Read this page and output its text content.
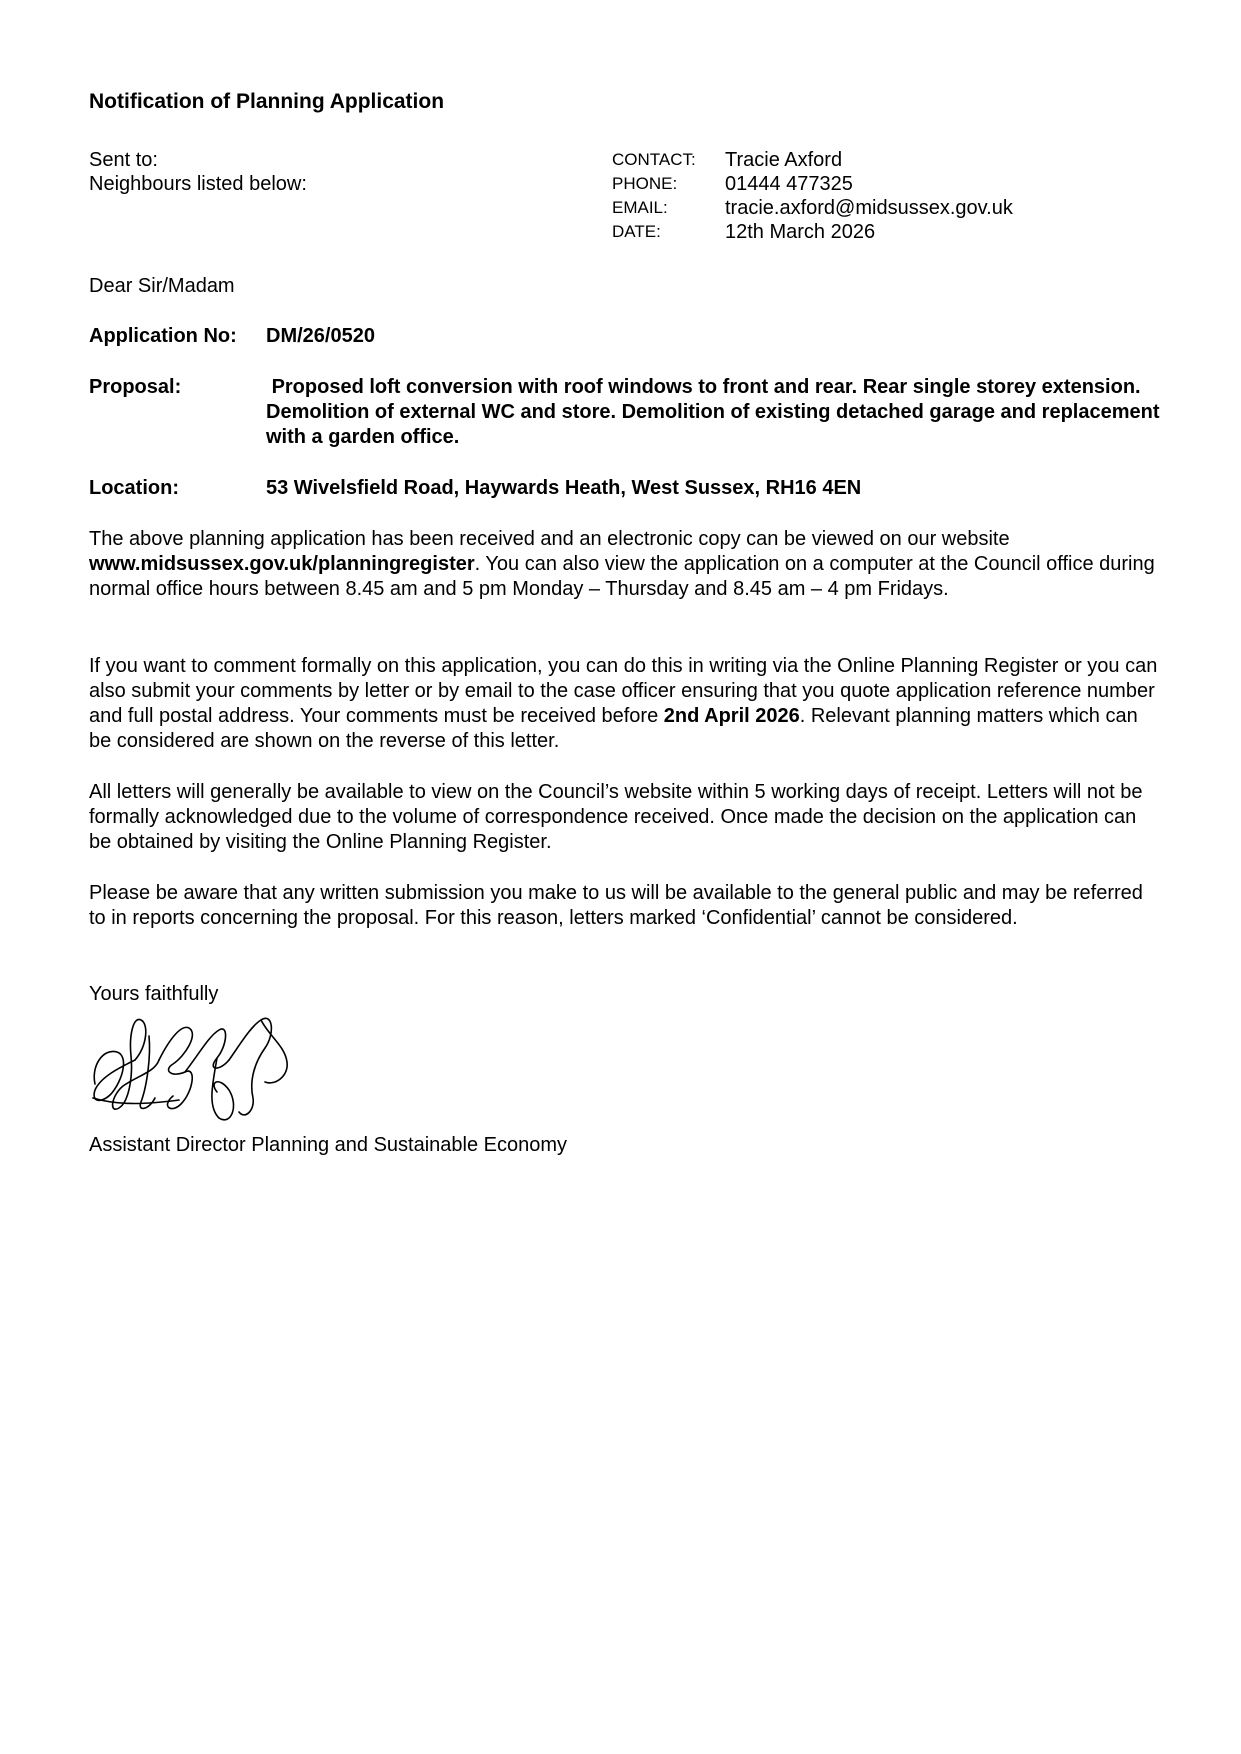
Notification of Planning Application
Sent to:
Neighbours listed below:
CONTACT:	Tracie Axford
PHONE:	01444 477325
EMAIL:	tracie.axford@midsussex.gov.uk
DATE:	12th March 2026
Dear Sir/Madam
Application No: DM/26/0520
Proposal:	Proposed loft conversion with roof windows to front and rear. Rear single storey extension. Demolition of external WC and store. Demolition of existing detached garage and replacement with a garden office.
Location:	53 Wivelsfield Road, Haywards Heath, West Sussex, RH16 4EN
The above planning application has been received and an electronic copy can be viewed on our website www.midsussex.gov.uk/planningregister. You can also view the application on a computer at the Council office during normal office hours between 8.45 am and 5 pm Monday – Thursday and 8.45 am – 4 pm Fridays.
If you want to comment formally on this application, you can do this in writing via the Online Planning Register or you can also submit your comments by letter or by email to the case officer ensuring that you quote application reference number and full postal address. Your comments must be received before 2nd April 2026. Relevant planning matters which can be considered are shown on the reverse of this letter.
All letters will generally be available to view on the Council’s website within 5 working days of receipt. Letters will not be formally acknowledged due to the volume of correspondence received. Once made the decision on the application can be obtained by visiting the Online Planning Register.
Please be aware that any written submission you make to us will be available to the general public and may be referred to in reports concerning the proposal. For this reason, letters marked ‘Confidential’ cannot be considered.
Yours faithfully
Assistant Director Planning and Sustainable Economy
